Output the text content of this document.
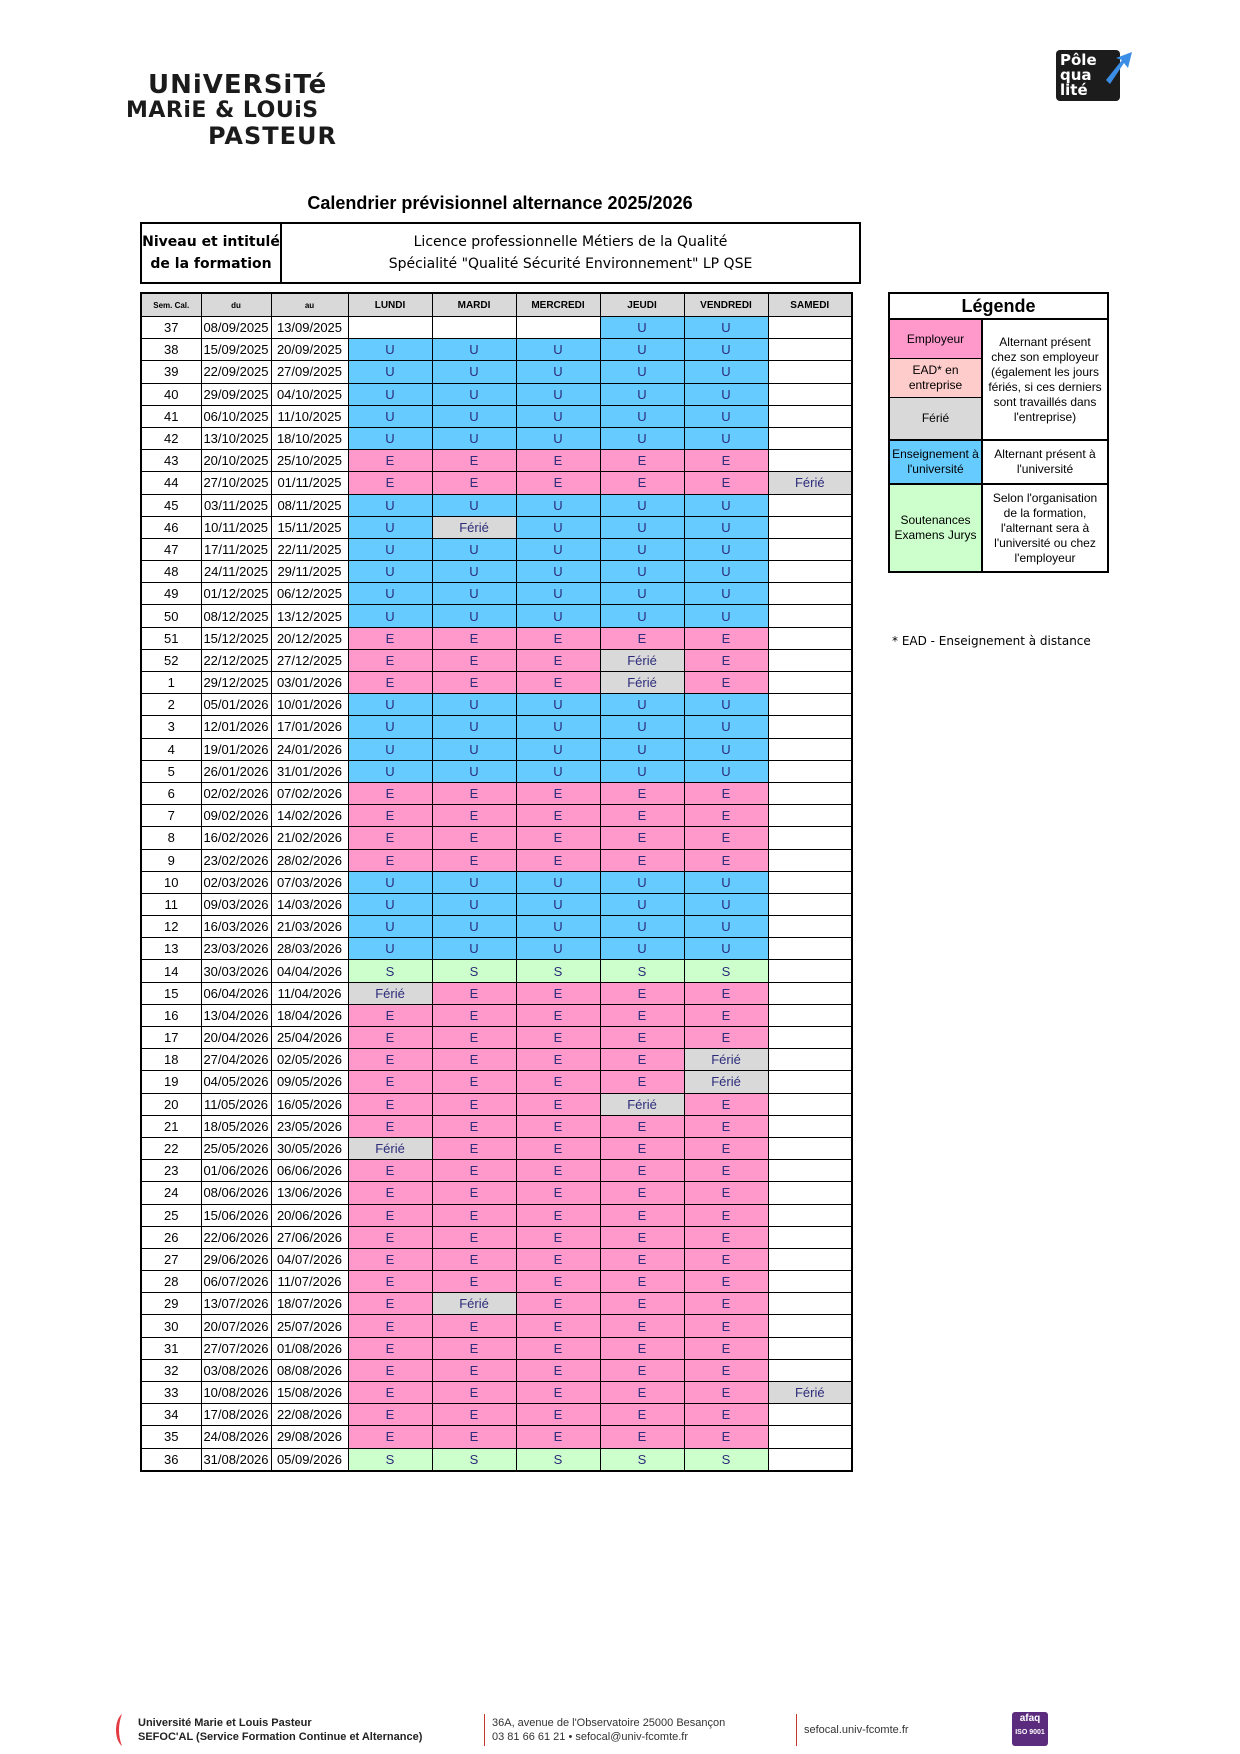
UNiVERSiTé
MARiE & LOUiS
PASTEUR
Pôle
qua
lité
Calendrier prévisionnel alternance 2025/2026
Niveau et intitulé
de la formation
Licence professionnelle Métiers de la Qualité
Spécialité "Qualité Sécurité Environnement" LP QSE
Sem. Cal.	du	au	LUNDI	MARDI	MERCREDI	JEUDI	VENDREDI	SAMEDI
37	08/09/2025	13/09/2025				U	U	
38	15/09/2025	20/09/2025	U	U	U	U	U	
39	22/09/2025	27/09/2025	U	U	U	U	U	
40	29/09/2025	04/10/2025	U	U	U	U	U	
41	06/10/2025	11/10/2025	U	U	U	U	U	
42	13/10/2025	18/10/2025	U	U	U	U	U	
43	20/10/2025	25/10/2025	E	E	E	E	E	
44	27/10/2025	01/11/2025	E	E	E	E	E	Férié
45	03/11/2025	08/11/2025	U	U	U	U	U	
46	10/11/2025	15/11/2025	U	Férié	U	U	U	
47	17/11/2025	22/11/2025	U	U	U	U	U	
48	24/11/2025	29/11/2025	U	U	U	U	U	
49	01/12/2025	06/12/2025	U	U	U	U	U	
50	08/12/2025	13/12/2025	U	U	U	U	U	
51	15/12/2025	20/12/2025	E	E	E	E	E	
52	22/12/2025	27/12/2025	E	E	E	Férié	E	
1	29/12/2025	03/01/2026	E	E	E	Férié	E	
2	05/01/2026	10/01/2026	U	U	U	U	U	
3	12/01/2026	17/01/2026	U	U	U	U	U	
4	19/01/2026	24/01/2026	U	U	U	U	U	
5	26/01/2026	31/01/2026	U	U	U	U	U	
6	02/02/2026	07/02/2026	E	E	E	E	E	
7	09/02/2026	14/02/2026	E	E	E	E	E	
8	16/02/2026	21/02/2026	E	E	E	E	E	
9	23/02/2026	28/02/2026	E	E	E	E	E	
10	02/03/2026	07/03/2026	U	U	U	U	U	
11	09/03/2026	14/03/2026	U	U	U	U	U	
12	16/03/2026	21/03/2026	U	U	U	U	U	
13	23/03/2026	28/03/2026	U	U	U	U	U	
14	30/03/2026	04/04/2026	S	S	S	S	S	
15	06/04/2026	11/04/2026	Férié	E	E	E	E	
16	13/04/2026	18/04/2026	E	E	E	E	E	
17	20/04/2026	25/04/2026	E	E	E	E	E	
18	27/04/2026	02/05/2026	E	E	E	E	Férié	
19	04/05/2026	09/05/2026	E	E	E	E	Férié	
20	11/05/2026	16/05/2026	E	E	E	Férié	E	
21	18/05/2026	23/05/2026	E	E	E	E	E	
22	25/05/2026	30/05/2026	Férié	E	E	E	E	
23	01/06/2026	06/06/2026	E	E	E	E	E	
24	08/06/2026	13/06/2026	E	E	E	E	E	
25	15/06/2026	20/06/2026	E	E	E	E	E	
26	22/06/2026	27/06/2026	E	E	E	E	E	
27	29/06/2026	04/07/2026	E	E	E	E	E	
28	06/07/2026	11/07/2026	E	E	E	E	E	
29	13/07/2026	18/07/2026	E	Férié	E	E	E	
30	20/07/2026	25/07/2026	E	E	E	E	E	
31	27/07/2026	01/08/2026	E	E	E	E	E	
32	03/08/2026	08/08/2026	E	E	E	E	E	
33	10/08/2026	15/08/2026	E	E	E	E	E	Férié
34	17/08/2026	22/08/2026	E	E	E	E	E	
35	24/08/2026	29/08/2026	E	E	E	E	E	
36	31/08/2026	05/09/2026	S	S	S	S	S	
Légende
Employeur
EAD* en entreprise
Férié
Alternant présent chez son employeur (également les jours fériés, si ces derniers sont travaillés dans l'entreprise)
Enseignement à l'université
Alternant présent à l'université
Soutenances Examens Jurys
Selon l'organisation de la formation, l'alternant sera à l'université ou chez l'employeur
* EAD - Enseignement à distance
Université Marie et Louis Pasteur
SEFOC'AL (Service Formation Continue et Alternance)
36A, avenue de l'Observatoire 25000 Besançon
03 81 66 61 21 • sefocal@univ-fcomte.fr
sefocal.univ-fcomte.fr
afaq
ISO 9001
